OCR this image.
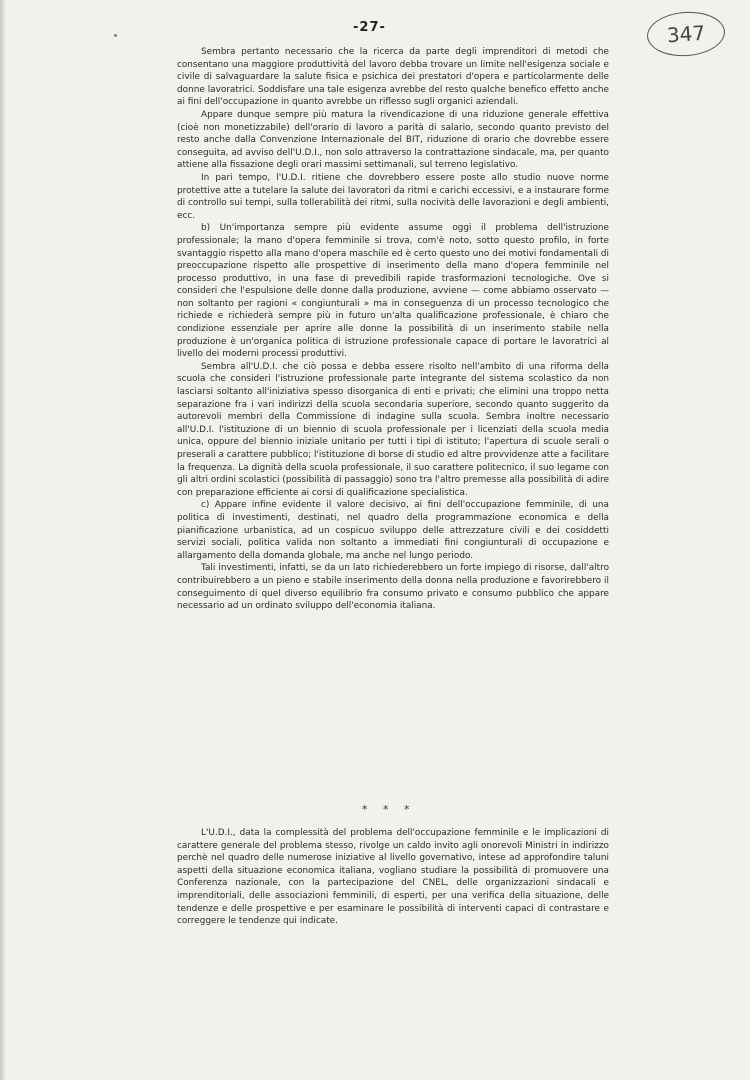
-27-	347

Sembra pertanto necessario che la ricerca da parte degli imprenditori di metodi che consentano una maggiore produttività del lavoro debba trovare un limite nell'esigenza sociale e civile di salvaguardare la salute fisica e psichica dei prestatori d'opera e particolarmente delle donne lavoratrici. Soddisfare una tale esigenza avrebbe del resto qualche benefico effetto anche ai fini dell'occupazione in quanto avrebbe un riflesso sugli organici aziendali.

Appare dunque sempre più matura la rivendicazione di una riduzione generale effettiva (cioè non monetizzabile) dell'orario di lavoro a parità di salario, secondo quanto previsto del resto anche dalla Convenzione Internazionale del BIT, riduzione di orario che dovrebbe essere conseguita, ad avviso dell'U.D.I., non solo attraverso la contrattazione sindacale, ma, per quanto attiene alla fissazione degli orari massimi settimanali, sul terreno legislativo.

In pari tempo, l'U.D.I. ritiene che dovrebbero essere poste allo studio nuove norme protettive atte a tutelare la salute dei lavoratori da ritmi e carichi eccessivi, e a instaurare forme di controllo sui tempi, sulla tollerabilità dei ritmi, sulla nocività delle lavorazioni e degli ambienti, ecc.

b) Un'importanza sempre più evidente assume oggi il problema dell'istruzione professionale; la mano d'opera femminile si trova, com'è noto, sotto questo profilo, in forte svantaggio rispetto alla mano d'opera maschile ed è certo questo uno dei motivi fondamentali di preoccupazione rispetto alle prospettive di inserimento della mano d'opera femminile nel processo produttivo, in una fase di prevedibili rapide trasformazioni tecnologiche. Ove si consideri che l'espulsione delle donne dalla produzione, avviene — come abbiamo osservato — non soltanto per ragioni « congiunturali » ma in conseguenza di un processo tecnologico che richiede e richiederà sempre più in futuro un'alta qualificazione professionale, è chiaro che condizione essenziale per aprire alle donne la possibilità di un inserimento stabile nella produzione è un'organica politica di istruzione professionale capace di portare le lavoratrici al livello dei moderni processi produttivi.

Sembra all'U.D.I. che ciò possa e debba essere risolto nell'ambito di una riforma della scuola che consideri l'istruzione professionale parte integrante del sistema scolastico da non lasciarsi soltanto all'iniziativa spesso disorganica di enti e privati; che elimini una troppo netta separazione fra i vari indirizzi della scuola secondaria superiore, secondo quanto suggerito da autorevoli membri della Commissione di indagine sulla scuola. Sembra inoltre necessario all'U.D.I. l'istituzione di un biennio di scuola professionale per i licenziati della scuola media unica, oppure del biennio iniziale unitario per tutti i tipi di istituto; l'apertura di scuole serali o preserali a carattere pubblico; l'istituzione di borse di studio ed altre provvidenze atte a facilitare la frequenza. La dignità della scuola professionale, il suo carattere politecnico, il suo legame con gli altri ordini scolastici (possibilità di passaggio) sono tra l'altro premesse alla possibilità di adire con preparazione efficiente ai corsi di qualificazione specialistica.

c) Appare infine evidente il valore decisivo, ai fini dell'occupazione femminile, di una politica di investimenti, destinati, nel quadro della programmazione economica e della pianificazione urbanistica, ad un cospicuo sviluppo delle attrezzature civili e dei cosiddetti servizi sociali, politica valida non soltanto a immediati fini congiunturali di occupazione e allargamento della domanda globale, ma anche nel lungo periodo.

Tali investimenti, infatti, se da un lato richiederebbero un forte impiego di risorse, dall'altro contribuirebbero a un pieno e stabile inserimento della donna nella produzione e favorirebbero il conseguimento di quel diverso equilibrio fra consumo privato e consumo pubblico che appare necessario ad un ordinato sviluppo dell'economia italiana.

* * *

L'U.D.I., data la complessità del problema dell'occupazione femminile e le implicazioni di carattere generale del problema stesso, rivolge un caldo invito agli onorevoli Ministri in indirizzo perchè nel quadro delle numerose iniziative al livello governativo, intese ad approfondire taluni aspetti della situazione economica italiana, vogliano studiare la possibilità di promuovere una Conferenza nazionale, con la partecipazione del CNEL, delle organizzazioni sindacali e imprenditoriali, delle associazioni femminili, di esperti, per una verifica della situazione, delle tendenze e delle prospettive e per esaminare le possibilità di interventi capaci di contrastare e correggere le tendenze qui indicate.
